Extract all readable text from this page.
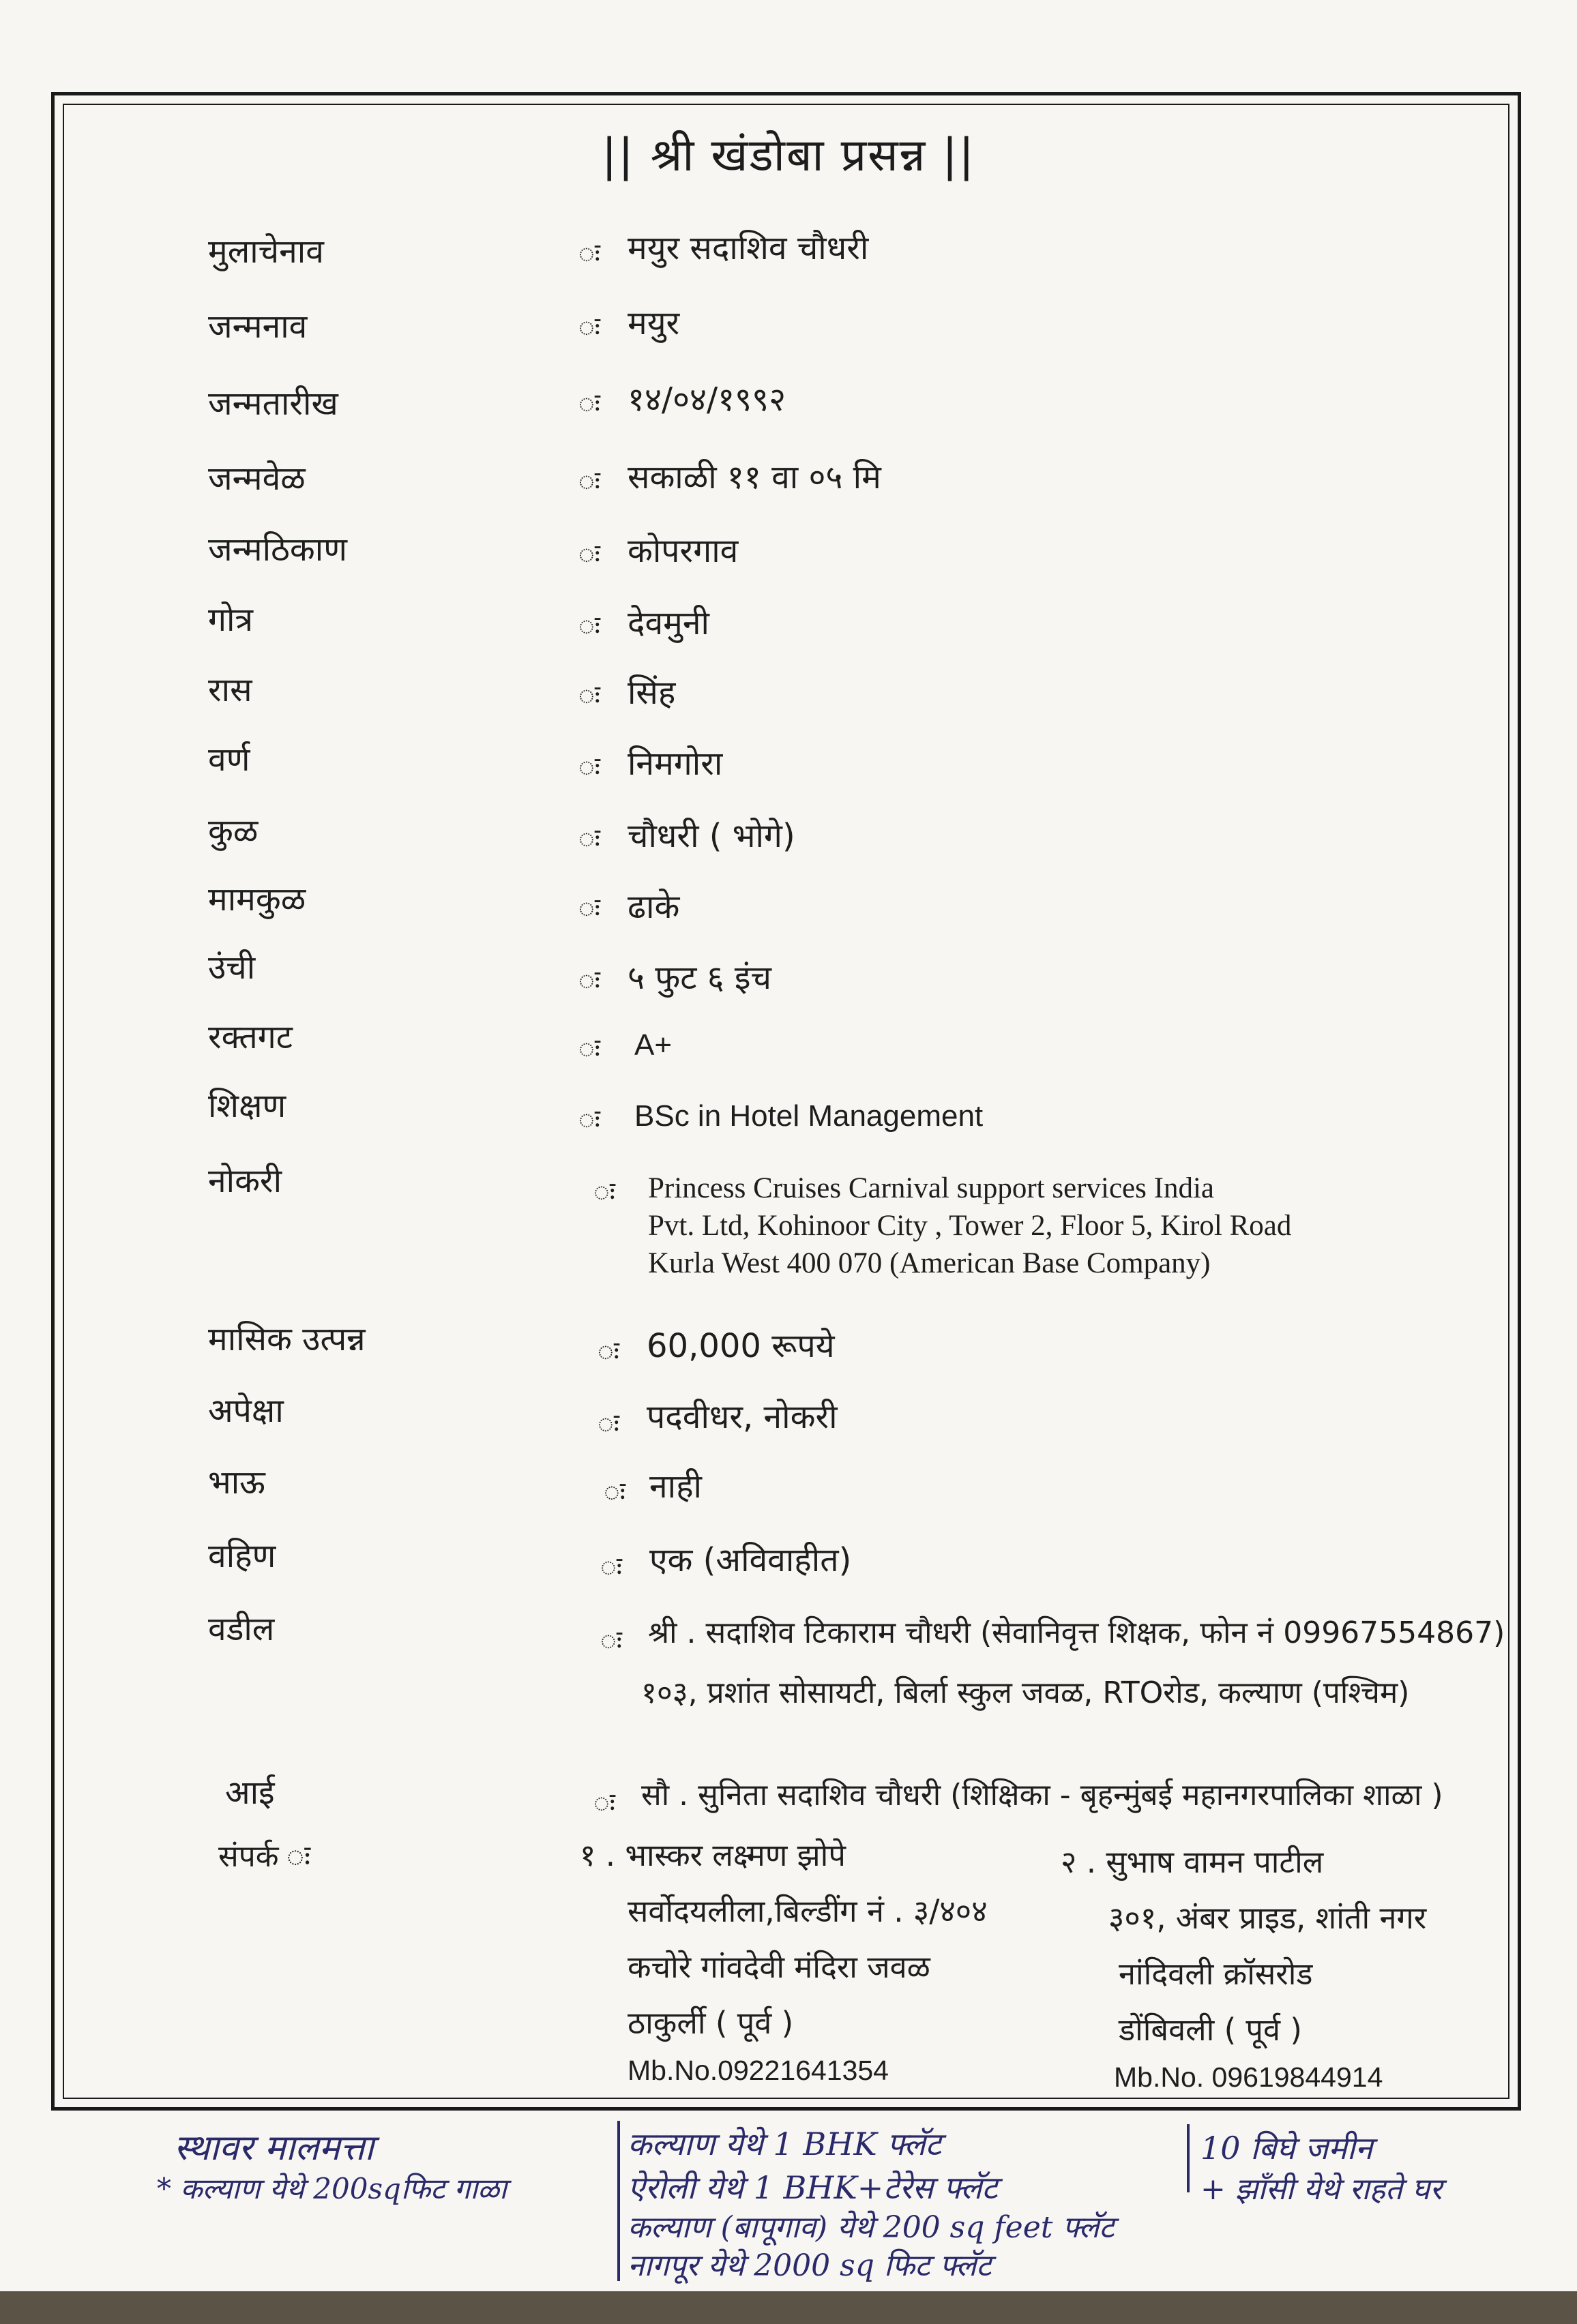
|| श्री खंडोबा प्रसन्न ||
मुलाचेनाव	ः मयुर सदाशिव चौधरी
जन्मनाव	ः मयुर
जन्मतारीख	ः १४/०४/१९९२
जन्मवेळ	ः सकाळी ११ वा ०५ मि
जन्मठिकाण	ः कोपरगाव
गोत्र	ः देवमुनी
रास	ः सिंह
वर्ण	ः निमगोरा
कुळ	ः चौधरी ( भोगे)
मामकुळ	ः ढाके
उंची	ः ५ फुट ६ इंच
रक्तगट	ः A+
शिक्षण	ः BSc in Hotel Management
नोकरी	ः Princess Cruises Carnival support services India
Pvt. Ltd, Kohinoor City , Tower 2, Floor 5, Kirol Road
Kurla West 400 070 (American Base Company)
मासिक उत्पन्न	ः 60,000 रूपये
अपेक्षा	ः पदवीधर, नोकरी
भाऊ	ः नाही
वहिण	ः एक (अविवाहीत)
वडील	ः श्री . सदाशिव टिकाराम चौधरी (सेवानिवृत्त शिक्षक, फोन नं 09967554867)
१०३, प्रशांत सोसायटी, बिर्ला स्कुल जवळ, RTOरोड, कल्याण (पश्चिम)
आई	ः सौ . सुनिता सदाशिव चौधरी (शिक्षिका - बृहन्मुंबई महानगरपालिका शाळा )
संपर्क ः	१ . भास्कर लक्ष्मण झोपे
सर्वोदयलीला,बिल्डींग नं . ३/४०४
कचोरे गांवदेवी मंदिरा जवळ
ठाकुर्ली ( पूर्व )
Mb.No.09221641354
२ . सुभाष वामन पाटील
३०१, अंबर प्राइड, शांती नगर
नांदिवली क्रॉसरोड
डोंबिवली ( पूर्व )
Mb.No. 09619844914
स्थावर मालमत्ता
* कल्याण येथे 200sqफिट गाळा
कल्याण येथे 1 BHK फ्लॅट
ऐरोली येथे 1 BHK+टेरेस फ्लॅट
कल्याण (बापूगाव) येथे 200 sq feet फ्लॅट
नागपूर येथे 2000 sq फिट फ्लॅट
10 बिघे जमीन
+ झाँसी येथे राहते घर
